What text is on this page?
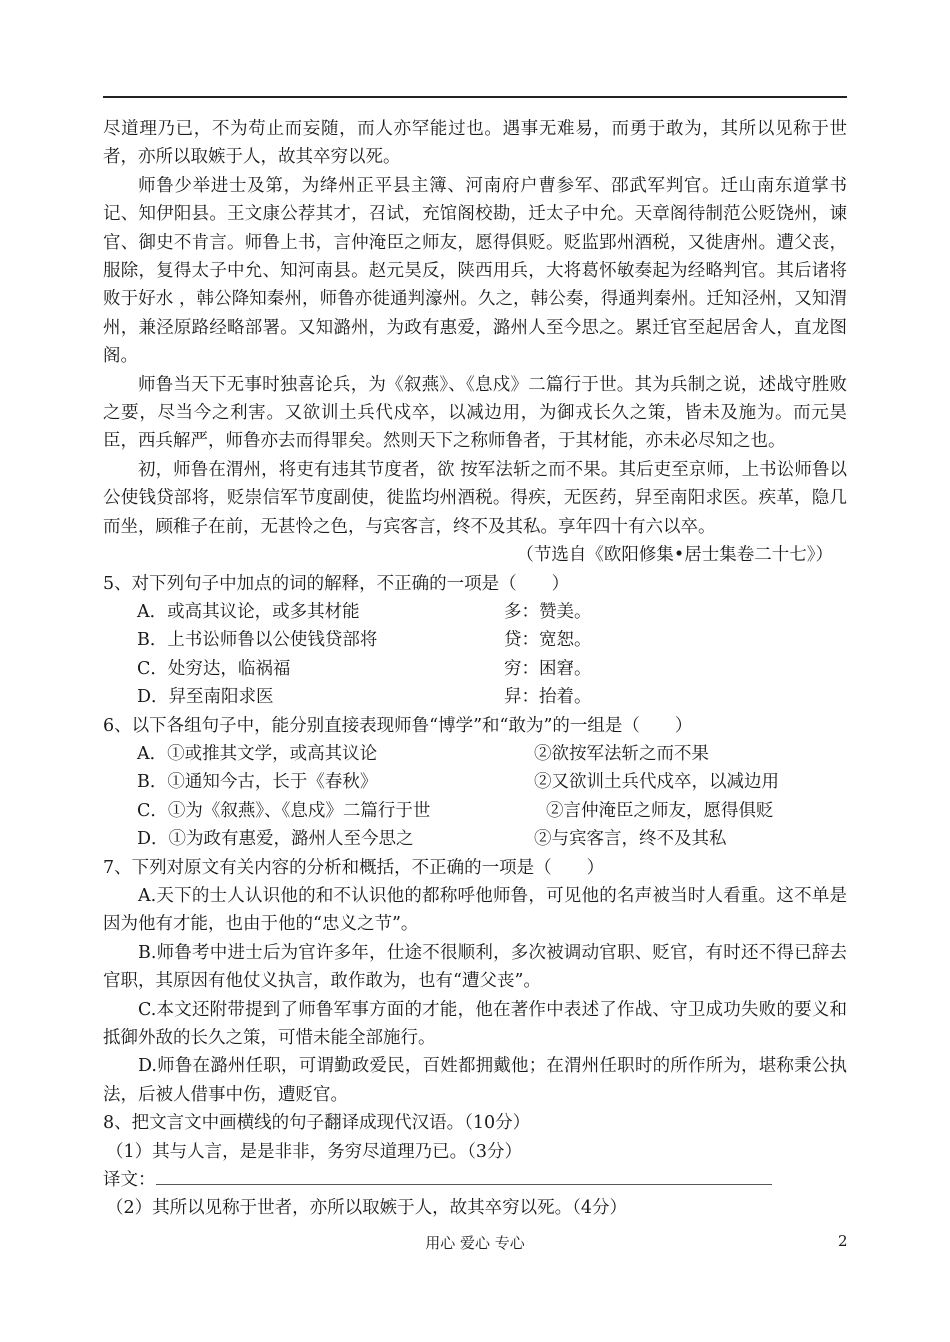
尽道理乃已，不为苟止而妄随，而人亦罕能过也。遇事无难易，而勇于敢为，其所以见称于世者，亦所以取嫉于人，故其卒穷以死。

师鲁少举进士及第，为绛州正平县主簿、河南府户曹参军、邵武军判官。迁山南东道掌书记、知伊阳县。王文康公荐其才，召试，充馆阁校勘，迁太子中允。天章阁待制范公贬饶州，谏官、御史不肯言。师鲁上书，言仲淹臣之师友，愿得俱贬。贬监郢州酒税，又徙唐州。遭父丧，服除，复得太子中允、知河南县。赵元昊反，陕西用兵，大将葛怀敏奏起为经略判官。其后诸将败于好水 ，韩公降知秦州，师鲁亦徙通判濠州。久之，韩公奏，得通判秦州。迁知泾州，又知渭州，兼泾原路经略部署。又知潞州，为政有惠爱，潞州人至今思之。累迁官至起居舍人，直龙图阁。

师鲁当天下无事时独喜论兵，为《叙燕》、《息戍》二篇行于世。其为兵制之说，述战守胜败之要，尽当今之利害。又欲训土兵代戍卒，以减边用，为御戎长久之策，皆未及施为。而元昊臣，西兵解严，师鲁亦去而得罪矣。然则天下之称师鲁者，于其材能，亦未必尽知之也。

初，师鲁在渭州，将吏有违其节度者，欲 按军法斩之而不果。其后吏至京师，上书讼师鲁以公使钱贷部将，贬崇信军节度副使，徙监均州酒税。得疾，无医药，舁至南阳求医。疾革，隐几而坐，顾稚子在前，无甚怜之色，与宾客言，终不及其私。享年四十有六以卒。

（节选自《欧阳修集•居士集卷二十七》）

5、对下列句子中加点的词的解释，不正确的一项是（　　）

A．或高其议论，或多其材能	多：赞美。
B．上书讼师鲁以公使钱贷部将	贷：宽恕。
C．处穷达，临祸福	穷：困窘。
D．舁至南阳求医	舁：抬着。

6、以下各组句子中，能分别直接表现师鲁“博学”和“敢为”的一组是（　　）

A．①或推其文学，或高其议论	②欲按军法斩之而不果
B．①通知今古，长于《春秋》	②又欲训土兵代戍卒，以减边用
C．①为《叙燕》、《息戍》二篇行于世	②言仲淹臣之师友，愿得俱贬
D．①为政有惠爱，潞州人至今思之	②与宾客言，终不及其私

7、下列对原文有关内容的分析和概括，不正确的一项是（　　）

A.天下的士人认识他的和不认识他的都称呼他师鲁，可见他的名声被当时人看重。这不单是因为他有才能，也由于他的“忠义之节”。

B.师鲁考中进士后为官许多年，仕途不很顺利，多次被调动官职、贬官，有时还不得已辞去官职，其原因有他仗义执言，敢作敢为，也有“遭父丧”。

C.本文还附带提到了师鲁军事方面的才能，他在著作中表述了作战、守卫成功失败的要义和抵御外敌的长久之策，可惜未能全部施行。

D.师鲁在潞州任职，可谓勤政爱民，百姓都拥戴他；在渭州任职时的所作所为，堪称秉公执法，后被人借事中伤，遭贬官。

8、把文言文中画横线的句子翻译成现代汉语。（10分）

（1）其与人言，是是非非，务穷尽道理乃已。（3分）

译文：

（2）其所以见称于世者，亦所以取嫉于人，故其卒穷以死。（4分）

用心 爱心 专心	2
